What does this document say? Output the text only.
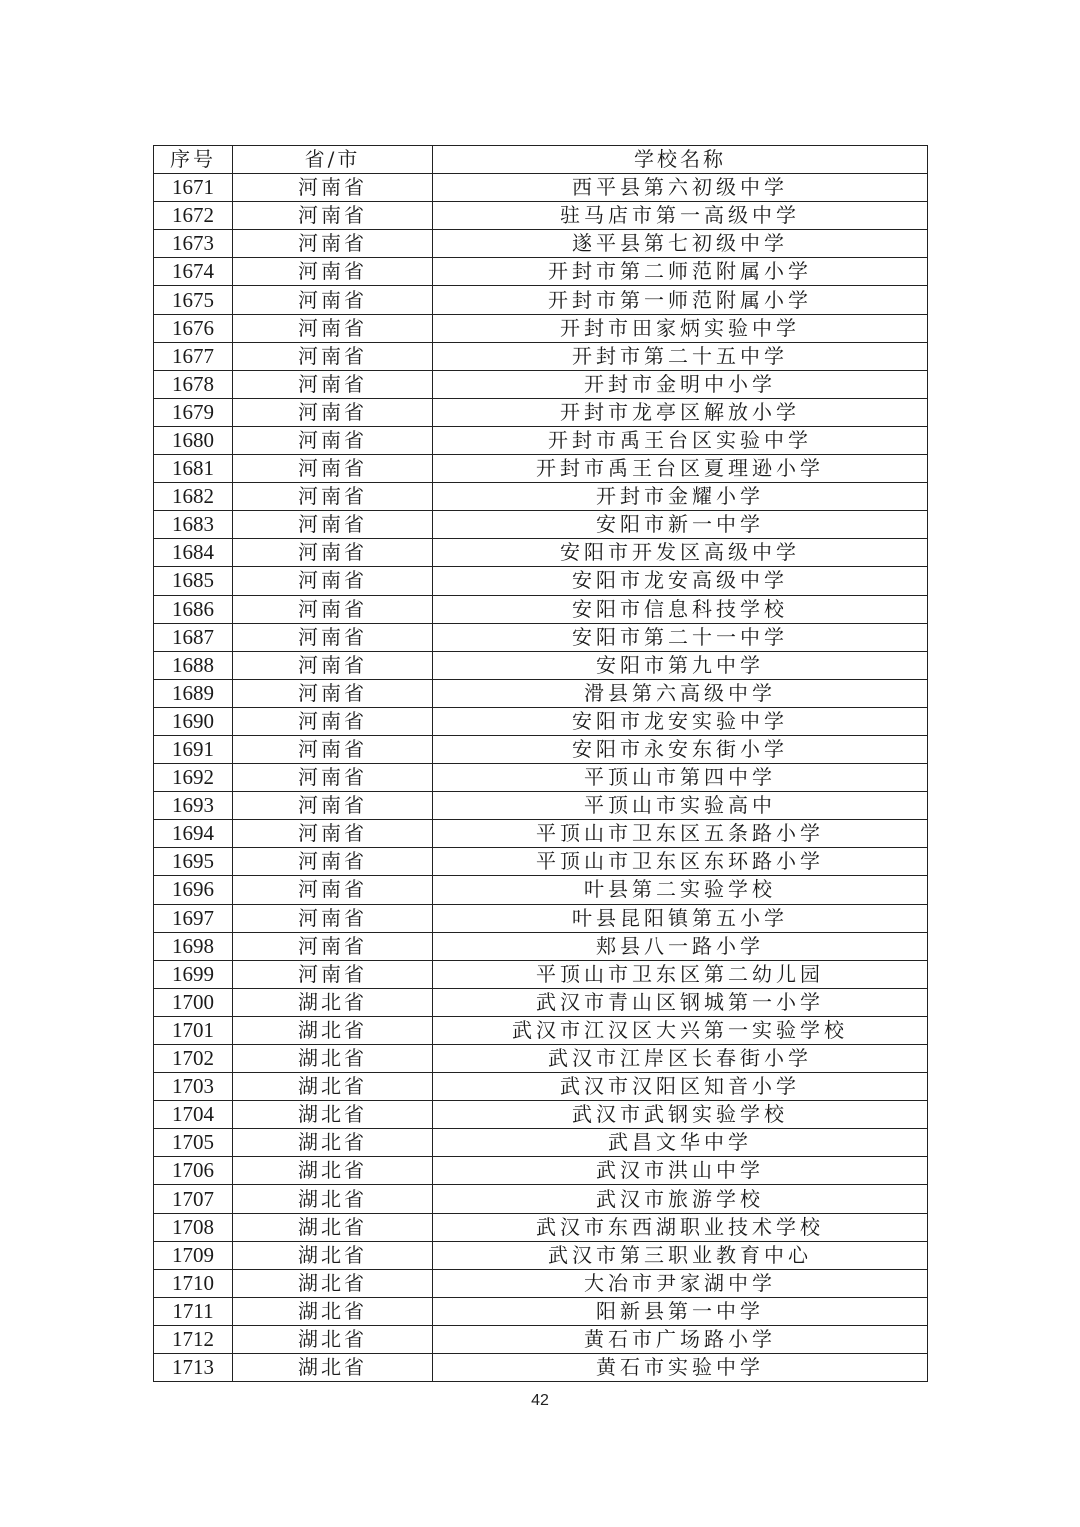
序号	省/市	学校名称
1671	河南省	西平县第六初级中学
1672	河南省	驻马店市第一高级中学
1673	河南省	遂平县第七初级中学
1674	河南省	开封市第二师范附属小学
1675	河南省	开封市第一师范附属小学
1676	河南省	开封市田家炳实验中学
1677	河南省	开封市第二十五中学
1678	河南省	开封市金明中小学
1679	河南省	开封市龙亭区解放小学
1680	河南省	开封市禹王台区实验中学
1681	河南省	开封市禹王台区夏理逊小学
1682	河南省	开封市金耀小学
1683	河南省	安阳市新一中学
1684	河南省	安阳市开发区高级中学
1685	河南省	安阳市龙安高级中学
1686	河南省	安阳市信息科技学校
1687	河南省	安阳市第二十一中学
1688	河南省	安阳市第九中学
1689	河南省	滑县第六高级中学
1690	河南省	安阳市龙安实验中学
1691	河南省	安阳市永安东街小学
1692	河南省	平顶山市第四中学
1693	河南省	平顶山市实验高中
1694	河南省	平顶山市卫东区五条路小学
1695	河南省	平顶山市卫东区东环路小学
1696	河南省	叶县第二实验学校
1697	河南省	叶县昆阳镇第五小学
1698	河南省	郏县八一路小学
1699	河南省	平顶山市卫东区第二幼儿园
1700	湖北省	武汉市青山区钢城第一小学
1701	湖北省	武汉市江汉区大兴第一实验学校
1702	湖北省	武汉市江岸区长春街小学
1703	湖北省	武汉市汉阳区知音小学
1704	湖北省	武汉市武钢实验学校
1705	湖北省	武昌文华中学
1706	湖北省	武汉市洪山中学
1707	湖北省	武汉市旅游学校
1708	湖北省	武汉市东西湖职业技术学校
1709	湖北省	武汉市第三职业教育中心
1710	湖北省	大冶市尹家湖中学
1711	湖北省	阳新县第一中学
1712	湖北省	黄石市广场路小学
1713	湖北省	黄石市实验中学
42
